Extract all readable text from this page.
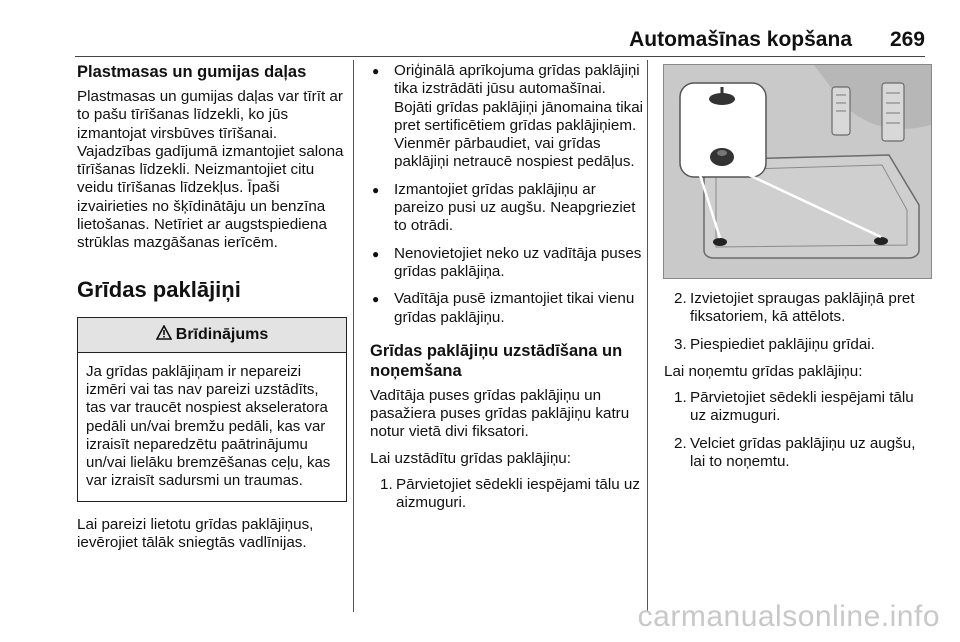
Automašīnas kopšana 269
Plastmasas un gumijas daļas

Plastmasas un gumijas daļas var tīrīt ar to pašu tīrīšanas līdzekli, ko jūs izmantojat virsbūves tīrīšanai. Vajadzības gadījumā izmantojiet salona tīrīšanas līdzekli. Neizmantojiet citu veidu tīrīšanas līdzekļus. Īpaši izvairieties no šķīdinātāju un benzīna lietošanas. Netīriet ar augstspiediena strūklas mazgāšanas ierīcēm.

Grīdas paklājiņi
Brīdinājums
Ja grīdas paklājiņam ir nepareizi izmēri vai tas nav pareizi uzstādīts, tas var traucēt nospiest akseleratora pedāli un/vai bremžu pedāli, kas var izraisīt neparedzētu paātrinājumu un/vai lielāku bremzēšanas ceļu, kas var izraisīt sadursmi un traumas.

Lai pareizi lietotu grīdas paklājiņus, ievērojiet tālāk sniegtās vadlīnijas.

● Oriģinālā aprīkojuma grīdas paklājiņi tika izstrādāti jūsu automašīnai. Bojāti grīdas paklājiņi jānomaina tikai pret sertificētiem grīdas paklājiņiem. Vienmēr pārbaudiet, vai grīdas paklājiņi netraucē nospiest pedāļus.
● Izmantojiet grīdas paklājiņu ar pareizo pusi uz augšu. Neapgrieziet to otrādi.
● Nenovietojiet neko uz vadītāja puses grīdas paklājiņa.
● Vadītāja pusē izmantojiet tikai vienu grīdas paklājiņu.
Grīdas paklājiņu uzstādīšana un noņemšana

Vadītāja puses grīdas paklājiņu un pasažiera puses grīdas paklājiņu katru notur vietā divi fiksatori.

Lai uzstādītu grīdas paklājiņu:

1. Pārvietojiet sēdekli iespējami tālu uz aizmuguri.
2. Izvietojiet spraugas paklājiņā pret fiksatoriem, kā attēlots.
3. Piespiediet paklājiņu grīdai.

Lai noņemtu grīdas paklājiņu:

1. Pārvietojiet sēdekli iespējami tālu uz aizmuguri.
2. Velciet grīdas paklājiņu uz augšu, lai to noņemtu.
carmanualsonline.info
